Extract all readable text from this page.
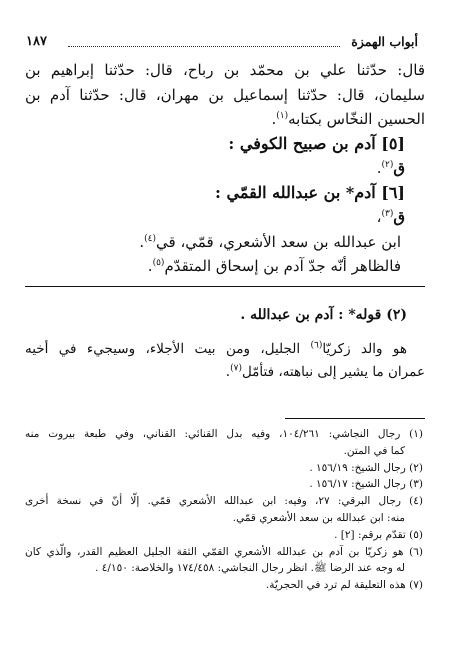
أبواب الهمزة
١٨٧
قال: حدّثنا علي بن محمّد بن رباح، قال: حدّثنا إبراهيم بن
سليمان، قال: حدّثنا إسماعيل بن مهران، قال: حدّثنا آدم بن
الحسين النخّاس بكتابه$^{(١)}$.
[٥] آدم بن صبيح الكوفي :
ق$^{(٢)}$.
[٦] آدم* بن عبدالله القمّي :
ق$^{(٣)}$،
ابن عبدالله بن سعد الأشعري، قمّي، قي$^{(٤)}$.
فالظاهر أنّه جدّ آدم بن إسحاق المتقدّم$^{(٥)}$.
(٢) قوله* : آدم بن عبدالله .
هو والد زكريّا$^{(٦)}$ الجليل، ومن بيت الأجلاء، وسيجيء في أخيه
عمران ما يشير إلى نباهته، فتأمّل$^{(٧)}$.
(١) رجال النجاشي: ١٠٤/٢٦١، وفيه بدل القنائي: القناني، وفي طبعة بيروت منه
كما في المتن.
(٢) رجال الشيخ: ١٥٦/١٩ .
(٣) رجال الشيخ: ١٥٦/١٧ .
(٤) رجال البرقي: ٢٧، وفيه: ابن عبدالله الأشعري قمّي. إلّا أنّ في نسخة أخرى
منه: ابن عبدالله بن سعد الأشعري قمّي.
(٥) تقدّم برقم: [٢] .
(٦) هو زكريّا بن آدم بن عبدالله الأشعري القمّي الثقة الجليل العظيم القدر، والّذي كان
له وجه عند الرضا ﷺ. انظر رجال النجاشي: ١٧٤/٤٥٨ والخلاصة: ٤/١٥٠ .
(٧) هذه التعليقة لم ترد في الحجريّة.
